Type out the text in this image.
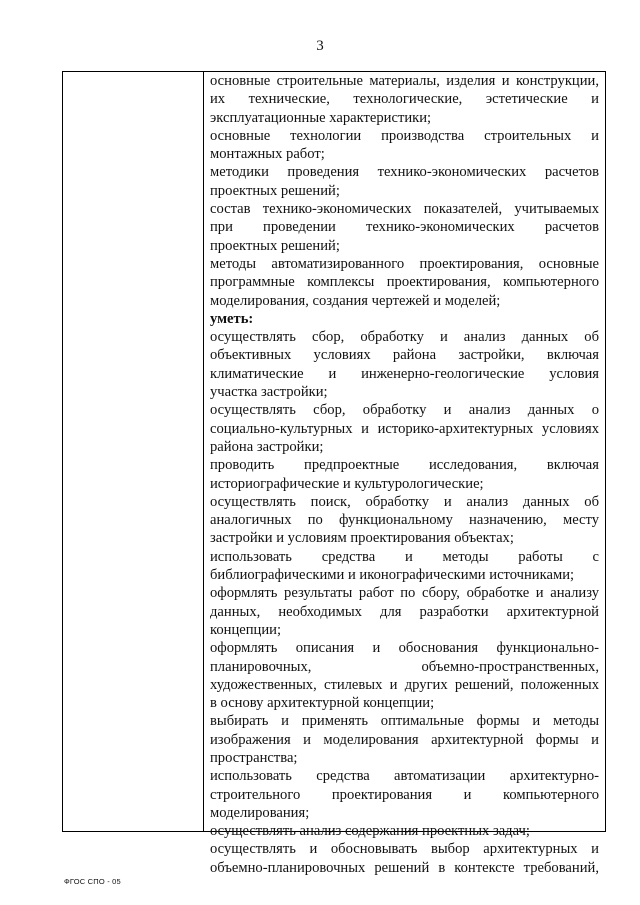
3
основные строительные материалы, изделия и конструкции,
их технические, технологические, эстетические и
эксплуатационные характеристики;
основные технологии производства строительных и
монтажных работ;
методики проведения технико-экономических расчетов
проектных решений;
состав технико-экономических показателей, учитываемых
при проведении технико-экономических расчетов
проектных решений;
методы автоматизированного проектирования, основные
программные комплексы проектирования, компьютерного
моделирования, создания чертежей и моделей;
уметь:
осуществлять сбор, обработку и анализ данных об
объективных условиях района застройки, включая
климатические и инженерно-геологические условия
участка застройки;
осуществлять сбор, обработку и анализ данных о
социально-культурных и историко-архитектурных условиях
района застройки;
проводить предпроектные исследования, включая
историографические и культурологические;
осуществлять поиск, обработку и анализ данных об
аналогичных по функциональному назначению, месту
застройки и условиям проектирования объектах;
использовать средства и методы работы с
библиографическими и иконографическими источниками;
оформлять результаты работ по сбору, обработке и анализу
данных, необходимых для разработки архитектурной
концепции;
оформлять описания и обоснования функционально-
планировочных, объемно-пространственных,
художественных, стилевых и других решений, положенных
в основу архитектурной концепции;
выбирать и применять оптимальные формы и методы
изображения и моделирования архитектурной формы и
пространства;
использовать средства автоматизации архитектурно-
строительного проектирования и компьютерного
моделирования;
осуществлять анализ содержания проектных задач;
осуществлять и обосновывать выбор архитектурных и
объемно-планировочных решений в контексте требований,
ФГОС СПО - 05
